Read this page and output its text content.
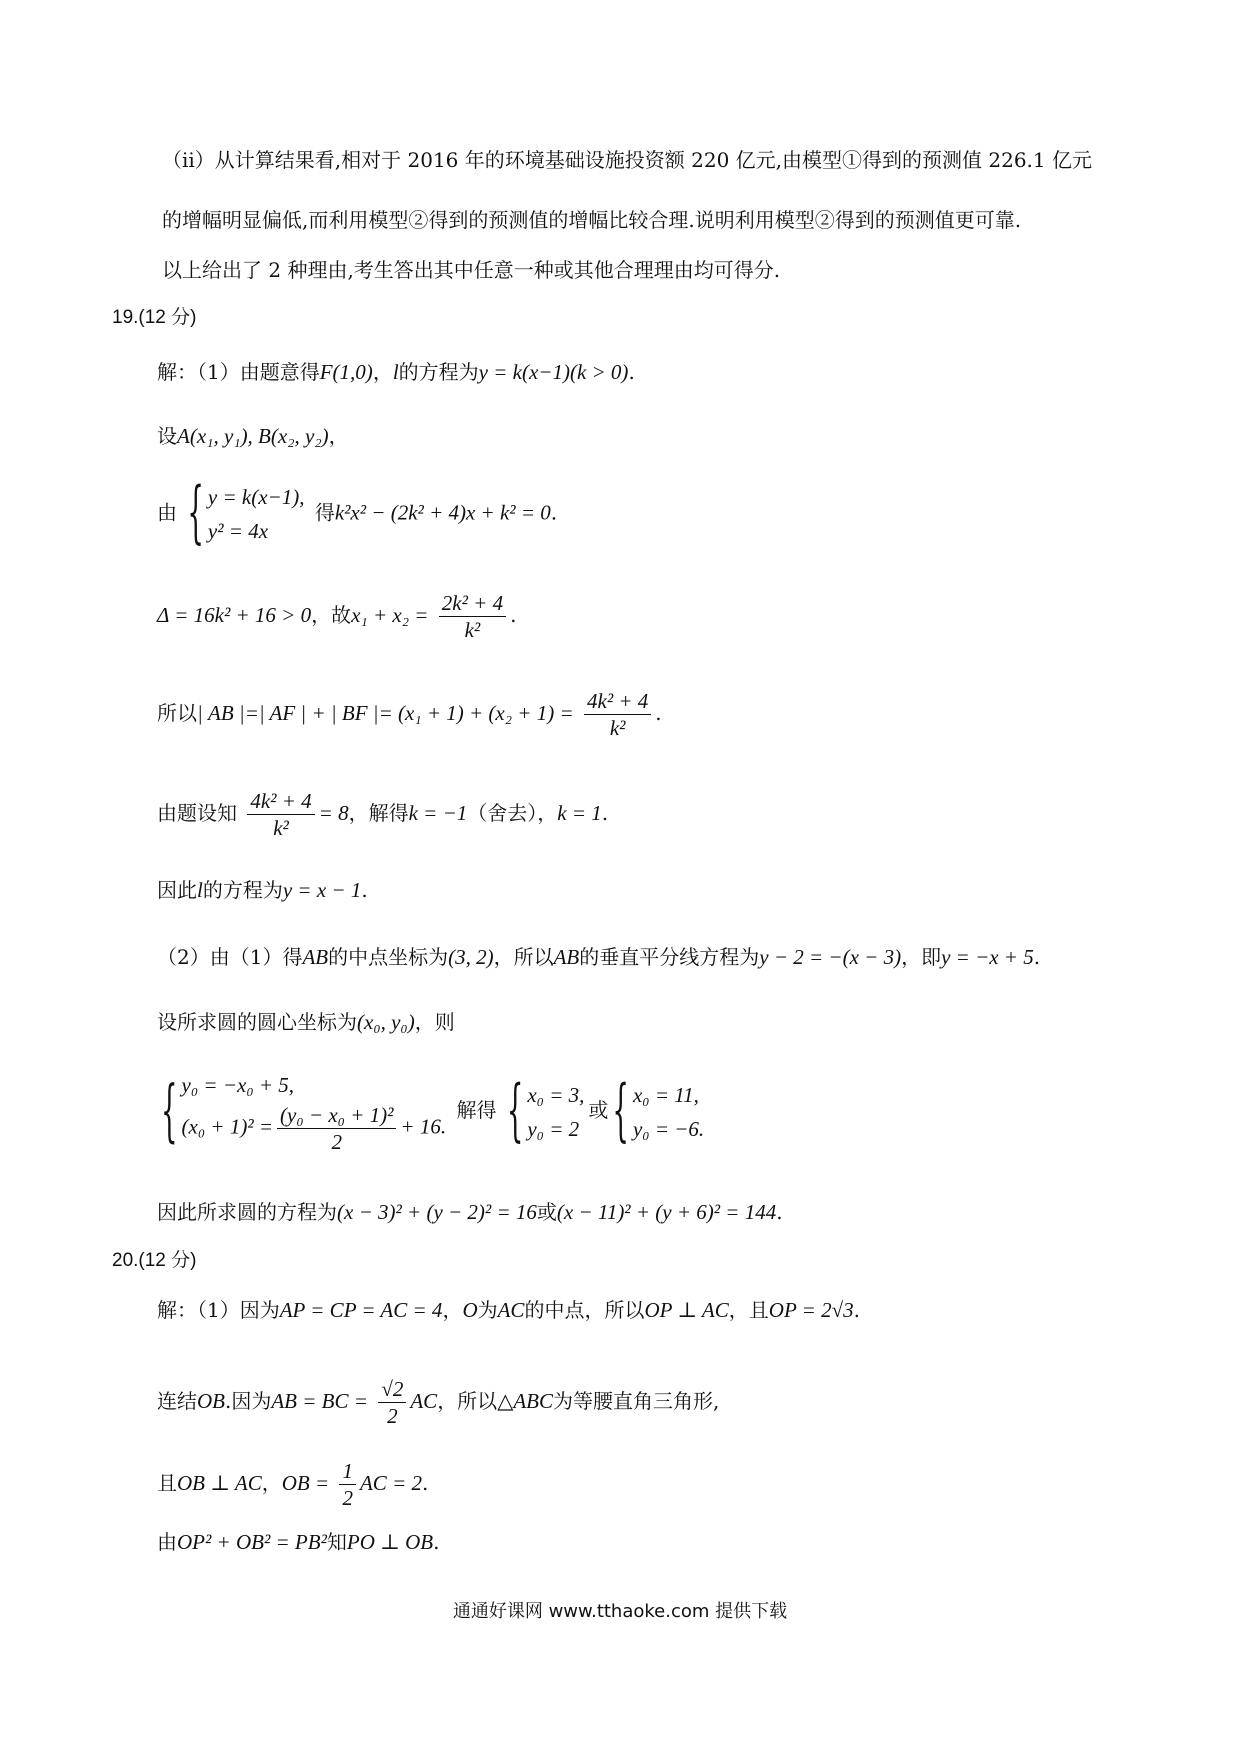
（ⅱ）从计算结果看,相对于 2016 年的环境基础设施投资额 220 亿元,由模型①得到的预测值 226.1 亿元
的增幅明显偏低,而利用模型②得到的预测值的增幅比较合理.说明利用模型②得到的预测值更可靠.
以上给出了 2 种理由,考生答出其中任意一种或其他合理理由均可得分.
19.(12 分)
解：（1）由题意得F(1,0)，l的方程为y = k(x−1)(k > 0).
设A(x₁, y₁), B(x₂, y₂)，
由 { y = k(x−1),
y² = 4x
得k²x² − (2k² + 4)x + k² = 0.
Δ = 16k² + 16 > 0，故$x_1 + x_2 = \frac{\text{2k² + 4}}{\text{k²}}$ .
所以| AB |=| AF | + | BF |= $(x_1 + 1) + (x_2 + 1) = \frac{\text{4k² + 4}}{\text{k²}}$ .
由题设知 $\frac{\text{4k² + 4}}{\text{k²}} = 8$，解得k = −1（舍去），k = 1.
因此l的方程为y = x − 1.
（2）由（1）得AB的中点坐标为(3, 2)，所以AB的垂直平分线方程为y − 2 = −(x − 3)，即y = −x + 5.
设所求圆的圆心坐标为(x₀, y₀)，则
{ y₀ = −x₀ + 5,
$(x_0 + 1)^2 = \frac{\text{(y₀ − x₀ + 1)²}}{2} + 16$.
解得 { x₀ = 3,
y₀ = 2
或 { x₀ = 11,
y₀ = −6.
因此所求圆的方程为(x − 3)² + (y − 2)² = 16或(x − 11)² + (y + 6)² = 144.
20.(12 分)
解：（1）因为AP = CP = AC = 4，O为AC的中点，所以OP ⊥ AC，且OP = 2√3.
连结OB.因为AB = BC = $\frac{√2}{2}$ AC，所以△ABC为等腰直角三角形,
且OB ⊥ AC，OB = $\frac{1}{2}$ AC = 2.
由OP² + OB² = PB²知PO ⊥ OB.
通通好课网 www.tthaoke.com 提供下载
